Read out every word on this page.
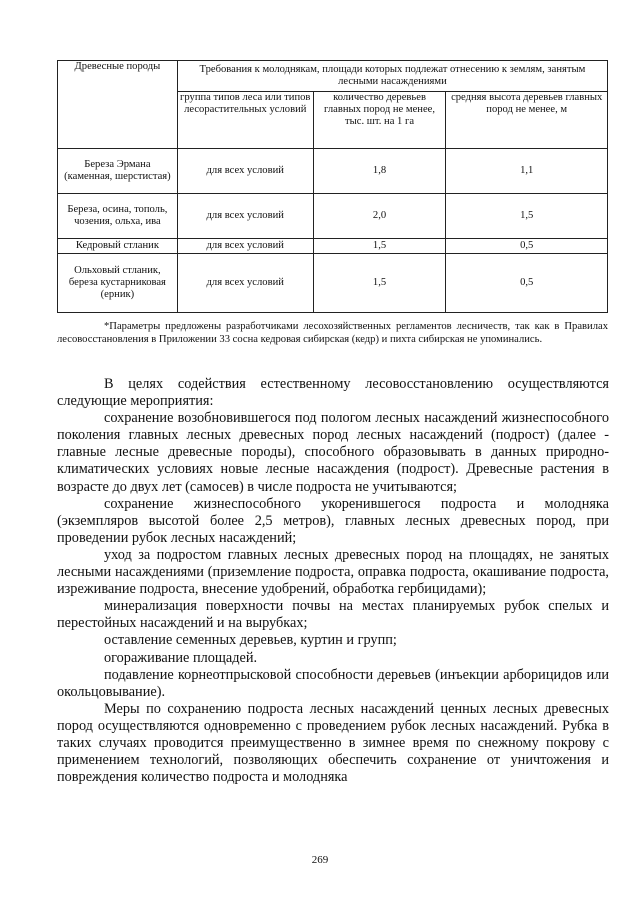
Древесные породы	Требования к молоднякам, площади которых подлежат отнесению к землям, занятым лесными насаждениями		
	группа типов леса или типов лесорастительных условий	количество деревьев главных пород не менее, тыс. шт. на 1 га	средняя высота деревьев главных пород не менее, м
Береза Эрмана (каменная, шерстистая)	для всех условий	1,8	1,1
Береза, осина, тополь, чозения, ольха, ива	для всех условий	2,0	1,5
Кедровый стланик	для всех условий	1,5	0,5
Ольховый стланик, береза кустарниковая (ерник)	для всех условий	1,5	0,5
*Параметры предложены разработчиками лесохозяйственных регламентов лесничеств, так как в Правилах лесовосстановления в Приложении 33 сосна кедровая сибирская (кедр) и пихта сибирская не упоминались.

В целях содействия естественному лесовосстановлению осуществляются следующие мероприятия:

сохранение возобновившегося под пологом лесных насаждений жизнеспособного поколения главных лесных древесных пород лесных насаждений (подрост) (далее - главные лесные древесные породы), способного образовывать в данных природно-климатических условиях новые лесные насаждения (подрост). Древесные растения в возрасте до двух лет (самосев) в числе подроста не учитываются;

сохранение жизнеспособного укоренившегося подроста и молодняка (экземпляров высотой более 2,5 метров), главных лесных древесных пород, при проведении рубок лесных насаждений;

уход за подростом главных лесных древесных пород на площадях, не занятых лесными насаждениями (приземление подроста, оправка подроста, окашивание подроста, изреживание подроста, внесение удобрений, обработка гербицидами);

минерализация поверхности почвы на местах планируемых рубок спелых и перестойных насаждений и на вырубках;

оставление семенных деревьев, куртин и групп;

огораживание площадей.

подавление корнеотпрысковой способности деревьев (инъекции арборицидов или окольцовывание).

Меры по сохранению подроста лесных насаждений ценных лесных древесных пород осуществляются одновременно с проведением рубок лесных насаждений. Рубка в таких случаях проводится преимущественно в зимнее время по снежному покрову с применением технологий, позволяющих обеспечить сохранение от уничтожения и повреждения количество подроста и молодняка

269
